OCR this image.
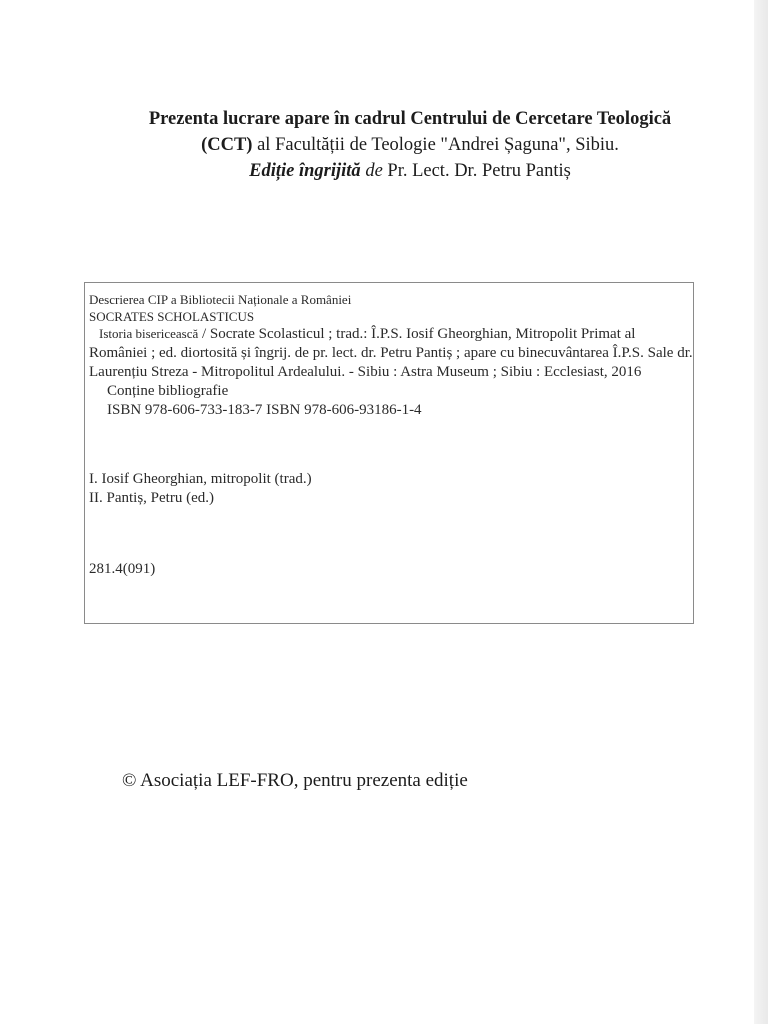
Prezenta lucrare apare în cadrul Centrului de Cercetare Teologică
(CCT) al Facultății de Teologie "Andrei Șaguna", Sibiu.
Ediție îngrijită de Pr. Lect. Dr. Petru Pantiș
Descrierea CIP a Bibliotecii Naționale a României
SOCRATES SCHOLASTICUS
Istoria bisericească / Socrate Scolasticul ; trad.: Î.P.S. Iosif Gheorghian, Mitropolit Primat al României ; ed. diortosită și îngrij. de pr. lect. dr. Petru Pantiș ; apare cu binecuvântarea Î.P.S. Sale dr. Laurențiu Streza - Mitropolitul Ardealului. - Sibiu : Astra Museum ; Sibiu : Ecclesiast, 2016
Conține bibliografie
ISBN 978-606-733-183-7 ISBN 978-606-93186-1-4
I. Iosif Gheorghian, mitropolit (trad.)
II. Pantiș, Petru (ed.)
281.4(091)
© Asociația LEF-FRO, pentru prezenta ediție
